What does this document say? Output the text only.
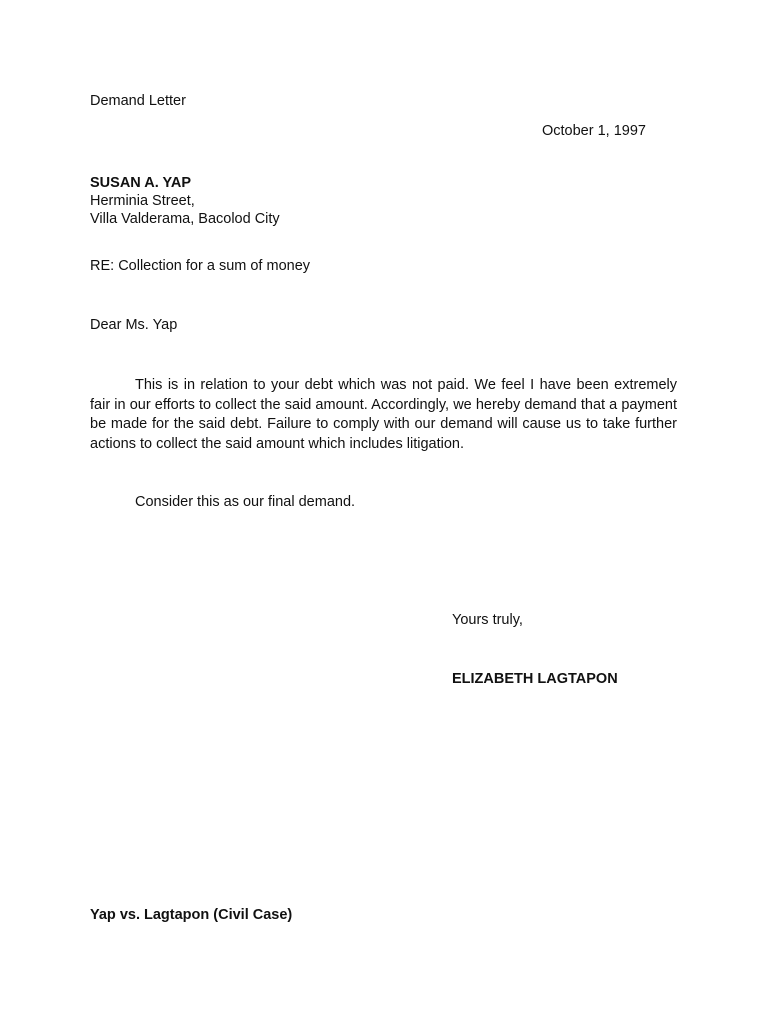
Demand Letter
October 1, 1997
SUSAN A. YAP
Herminia Street,
Villa Valderama, Bacolod City
RE: Collection for a sum of money
Dear Ms. Yap
This is in relation to your debt which was not paid. We feel I have been extremely fair in our efforts to collect the said amount. Accordingly, we hereby demand that a payment be made for the said debt. Failure to comply with our demand will cause us to take further actions to collect the said amount which includes litigation.
Consider this as our final demand.
Yours truly,
ELIZABETH LAGTAPON
Yap vs. Lagtapon (Civil Case)
